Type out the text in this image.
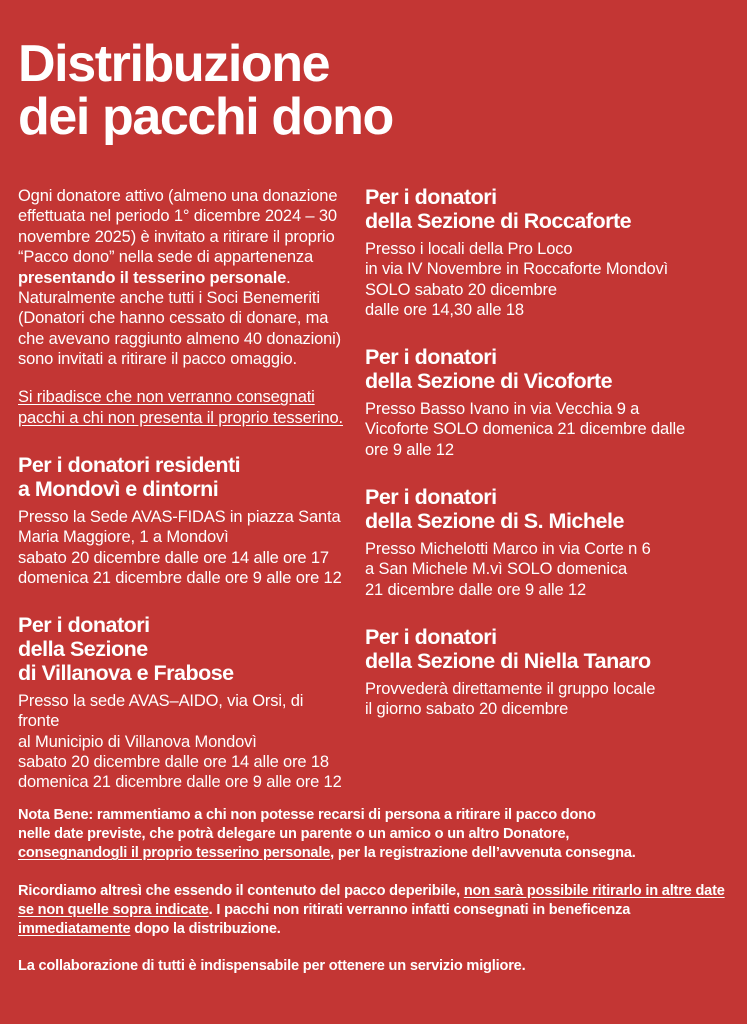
Distribuzione
dei pacchi dono

Ogni donatore attivo (almeno una donazione effettuata nel periodo 1° dicembre 2024 – 30 novembre 2025) è invitato a ritirare il proprio “Pacco dono” nella sede di appartenenza presentando il tesserino personale. Naturalmente anche tutti i Soci Benemeriti (Donatori che hanno cessato di donare, ma che avevano raggiunto almeno 40 donazioni) sono invitati a ritirare il pacco omaggio.

Si ribadisce che non verranno consegnati pacchi a chi non presenta il proprio tesserino.

Per i donatori residenti
a Mondovì e dintorni
Presso la Sede AVAS-FIDAS in piazza Santa
Maria Maggiore, 1 a Mondovì
sabato 20 dicembre dalle ore 14 alle ore 17
domenica 21 dicembre dalle ore 9 alle ore 12
Per i donatori
della Sezione
di Villanova e Frabose
Presso la sede AVAS–AIDO, via Orsi, di fronte
al Municipio di Villanova Mondovì
sabato 20 dicembre dalle ore 14 alle ore 18
domenica 21 dicembre dalle ore 9 alle ore 12
Per i donatori
della Sezione di Roccaforte
Presso i locali della Pro Loco
in via IV Novembre in Roccaforte Mondovì
SOLO sabato 20 dicembre
dalle ore 14,30 alle 18
Per i donatori
della Sezione di Vicoforte
Presso Basso Ivano in via Vecchia 9 a
Vicoforte SOLO domenica 21 dicembre dalle
ore 9 alle 12
Per i donatori
della Sezione di S. Michele
Presso Michelotti Marco in via Corte n 6
a San Michele M.vì SOLO domenica
21 dicembre dalle ore 9 alle 12
Per i donatori
della Sezione di Niella Tanaro
Provvederà direttamente il gruppo locale
il giorno sabato 20 dicembre
Nota Bene: rammentiamo a chi non potesse recarsi di persona a ritirare il pacco dono
nelle date previste, che potrà delegare un parente o un amico o un altro Donatore,
consegnandogli il proprio tesserino personale, per la registrazione dell’avvenuta consegna.
Ricordiamo altresì che essendo il contenuto del pacco deperibile, non sarà possibile ritirarlo in altre date se non quelle sopra indicate. I pacchi non ritirati verranno infatti consegnati in beneficenza immediatamente dopo la distribuzione.
La collaborazione di tutti è indispensabile per ottenere un servizio migliore.
